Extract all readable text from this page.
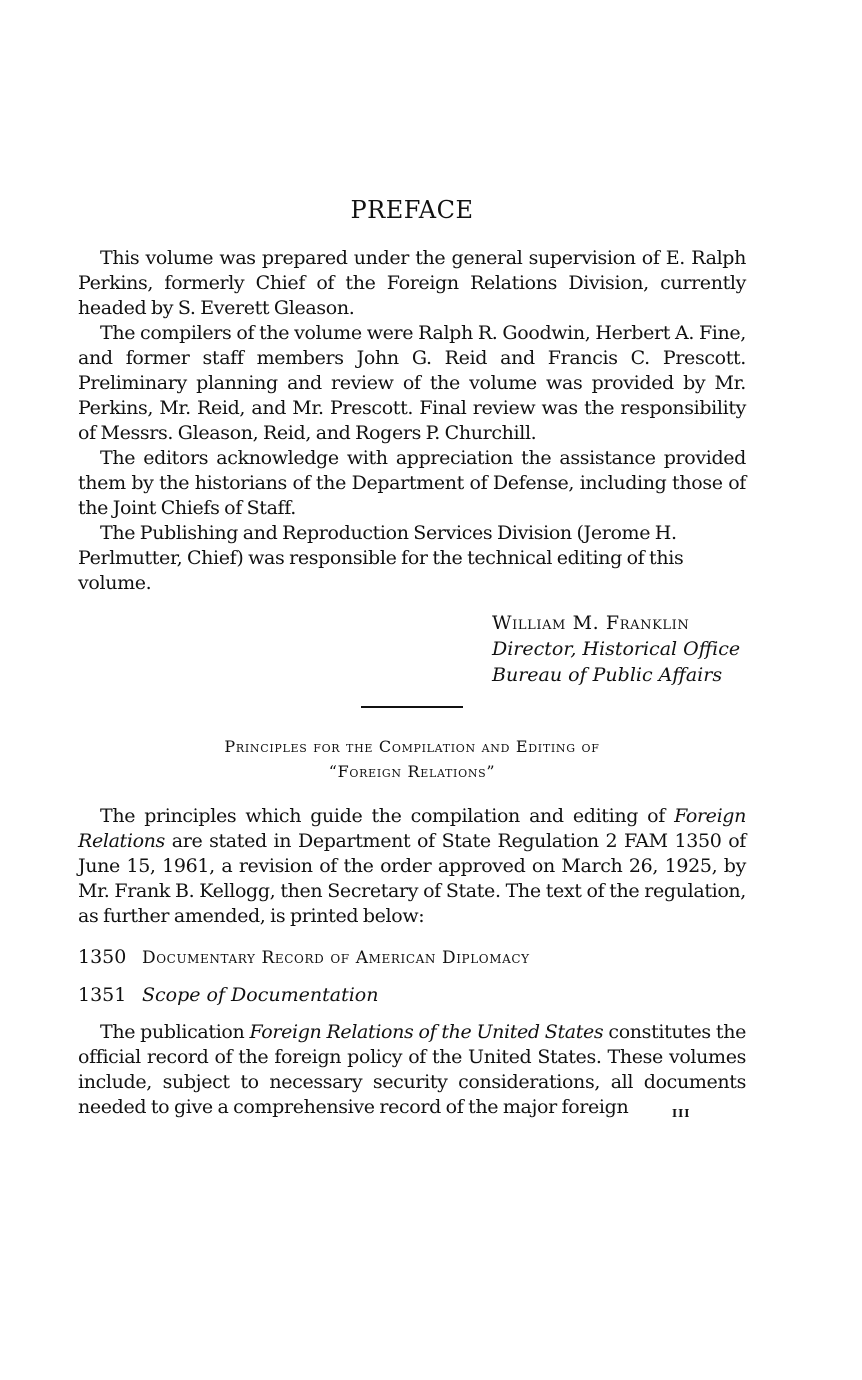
PREFACE

This volume was prepared under the general supervision of E. Ralph Perkins, formerly Chief of the Foreign Relations Division, currently headed by S. Everett Gleason.

The compilers of the volume were Ralph R. Goodwin, Herbert A. Fine, and former staff members John G. Reid and Francis C. Prescott. Preliminary planning and review of the volume was provided by Mr. Perkins, Mr. Reid, and Mr. Prescott. Final review was the responsibility of Messrs. Gleason, Reid, and Rogers P. Churchill.

The editors acknowledge with appreciation the assistance provided them by the historians of the Department of Defense, including those of the Joint Chiefs of Staff.

The Publishing and Reproduction Services Division (Jerome H. Perlmutter, Chief) was responsible for the technical editing of this volume.

William M. Franklin
Director, Historical Office
Bureau of Public Affairs
Principles for the Compilation and Editing of
“Foreign Relations”

The principles which guide the compilation and editing of Foreign Relations are stated in Department of State Regulation 2 FAM 1350 of June 15, 1961, a revision of the order approved on March 26, 1925, by Mr. Frank B. Kellogg, then Secretary of State. The text of the regulation, as further amended, is printed below:

1350 Documentary Record of American Diplomacy

1351 Scope of Documentation

The publication Foreign Relations of the United States constitutes the official record of the foreign policy of the United States. These volumes include, subject to necessary security considerations, all documents needed to give a comprehensive record of the major foreign	iii
